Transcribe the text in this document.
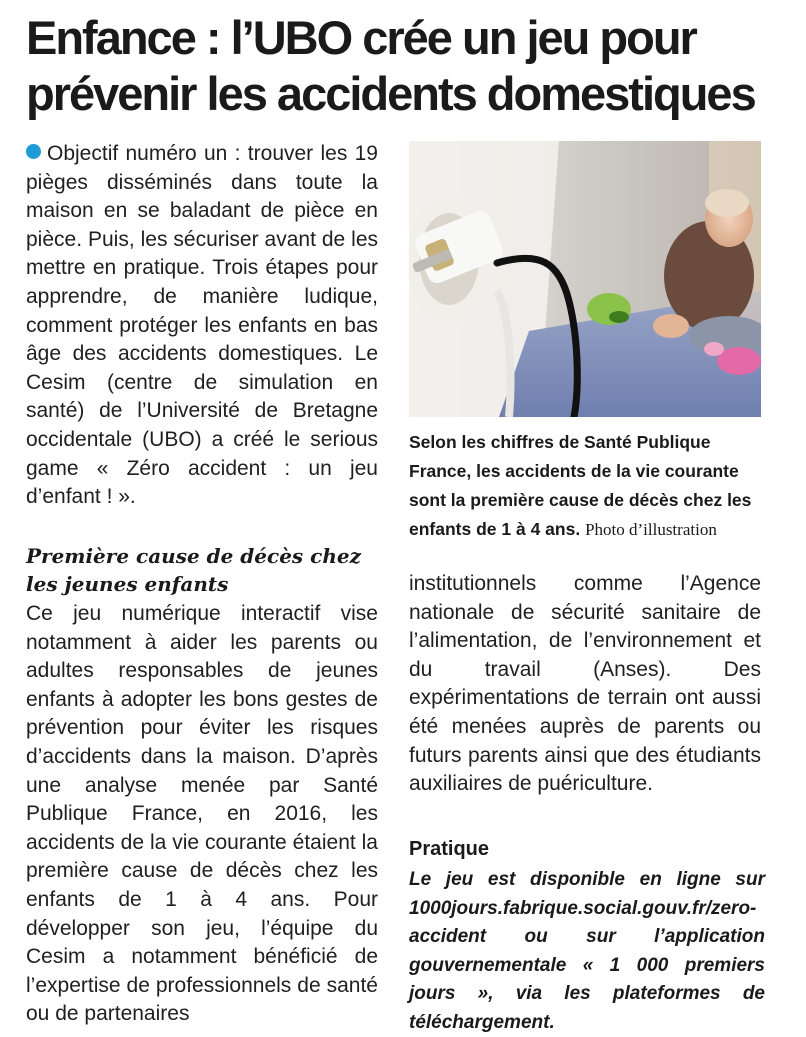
Enfance : l’UBO crée un jeu pour prévenir les accidents domestiques

Objectif numéro un : trouver les 19 pièges disséminés dans toute la maison en se baladant de pièce en pièce. Puis, les sécuriser avant de les mettre en pratique. Trois étapes pour apprendre, de manière ludique, comment protéger les enfants en bas âge des accidents domestiques. Le Cesim (centre de simulation en santé) de l’Université de Bretagne occidentale (UBO) a créé le serious game « Zéro accident : un jeu d’enfant ! ».

Selon les chiffres de Santé Publique France, les accidents de la vie courante sont la première cause de décès chez les enfants de 1 à 4 ans. Photo d’illustration
Première cause de décès chez les jeunes enfants

Ce jeu numérique interactif vise notamment à aider les parents ou adultes responsables de jeunes enfants à adopter les bons gestes de prévention pour éviter les risques d’accidents dans la maison. D’après une analyse menée par Santé Publique France, en 2016, les accidents de la vie courante étaient la première cause de décès chez les enfants de 1 à 4 ans. Pour développer son jeu, l’équipe du Cesim a notamment bénéficié de l’expertise de professionnels de santé ou de partenaires

institutionnels comme l’Agence nationale de sécurité sanitaire de l’alimentation, de l’environnement et du travail (Anses). Des expérimentations de terrain ont aussi été menées auprès de parents ou futurs parents ainsi que des étudiants auxiliaires de puériculture.

Pratique

Le jeu est disponible en ligne sur 1000jours.fabrique.social.gouv.fr/zero-accident ou sur l’application gouvernementale « 1 000 premiers jours », via les plateformes de téléchargement.
